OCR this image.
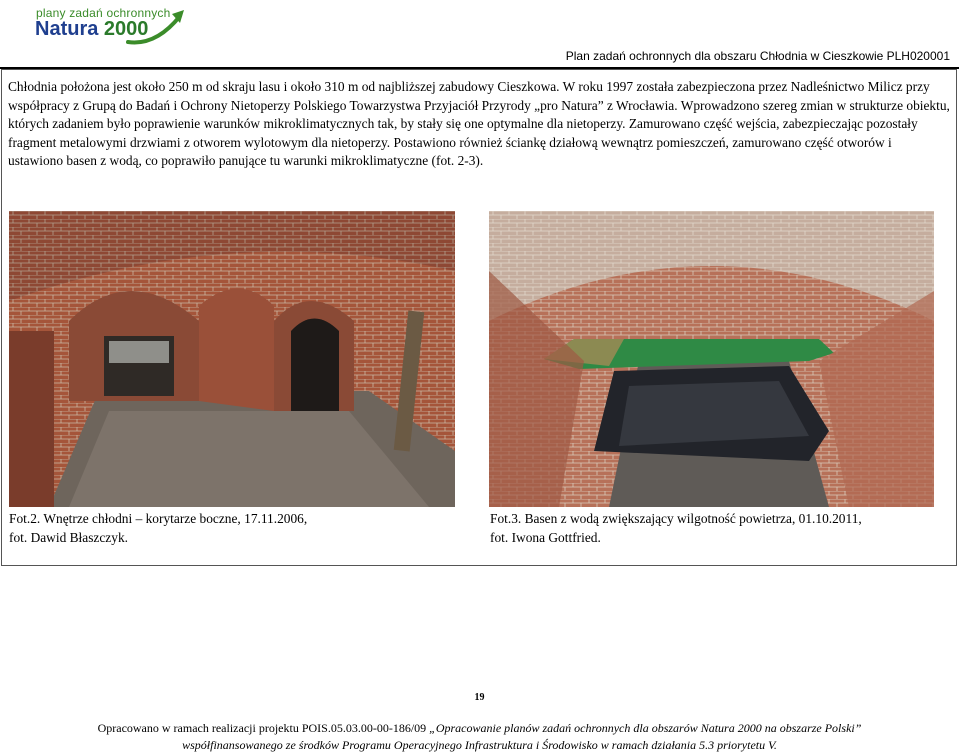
plany zadań ochronnych
Natura 2000
Plan zadań ochronnych dla obszaru Chłodnia w Cieszkowie PLH020001
Chłodnia położona jest około 250 m od skraju lasu i około 310 m od najbliższej zabudowy Cieszkowa. W roku 1997 została zabezpieczona przez Nadleśnictwo Milicz przy współpracy z Grupą do Badań i Ochrony Nietoperzy Polskiego Towarzystwa Przyjaciół Przyrody „pro Natura” z Wrocławia. Wprowadzono szereg zmian w strukturze obiektu, których zadaniem było poprawienie warunków mikroklimatycznych tak, by stały się one optymalne dla nietoperzy. Zamurowano część wejścia, zabezpieczając pozostały fragment metalowymi drzwiami z otworem wylotowym dla nietoperzy. Postawiono również ściankę działową wewnątrz pomieszczeń, zamurowano część otworów i ustawiono basen z wodą, co poprawiło panujące tu warunki mikroklimatyczne (fot. 2-3).
Fot.2. Wnętrze chłodni – korytarze boczne, 17.11.2006,
fot. Dawid Błaszczyk.
Fot.3. Basen z wodą zwiększający wilgotność powietrza, 01.10.2011,
fot. Iwona Gottfried.
19
Opracowano w ramach realizacji projektu POIS.05.03.00-00-186/09 „Opracowanie planów zadań ochronnych dla obszarów Natura 2000 na obszarze Polski”
współfinansowanego ze środków Programu Operacyjnego Infrastruktura i Środowisko w ramach działania 5.3 priorytetu V.
